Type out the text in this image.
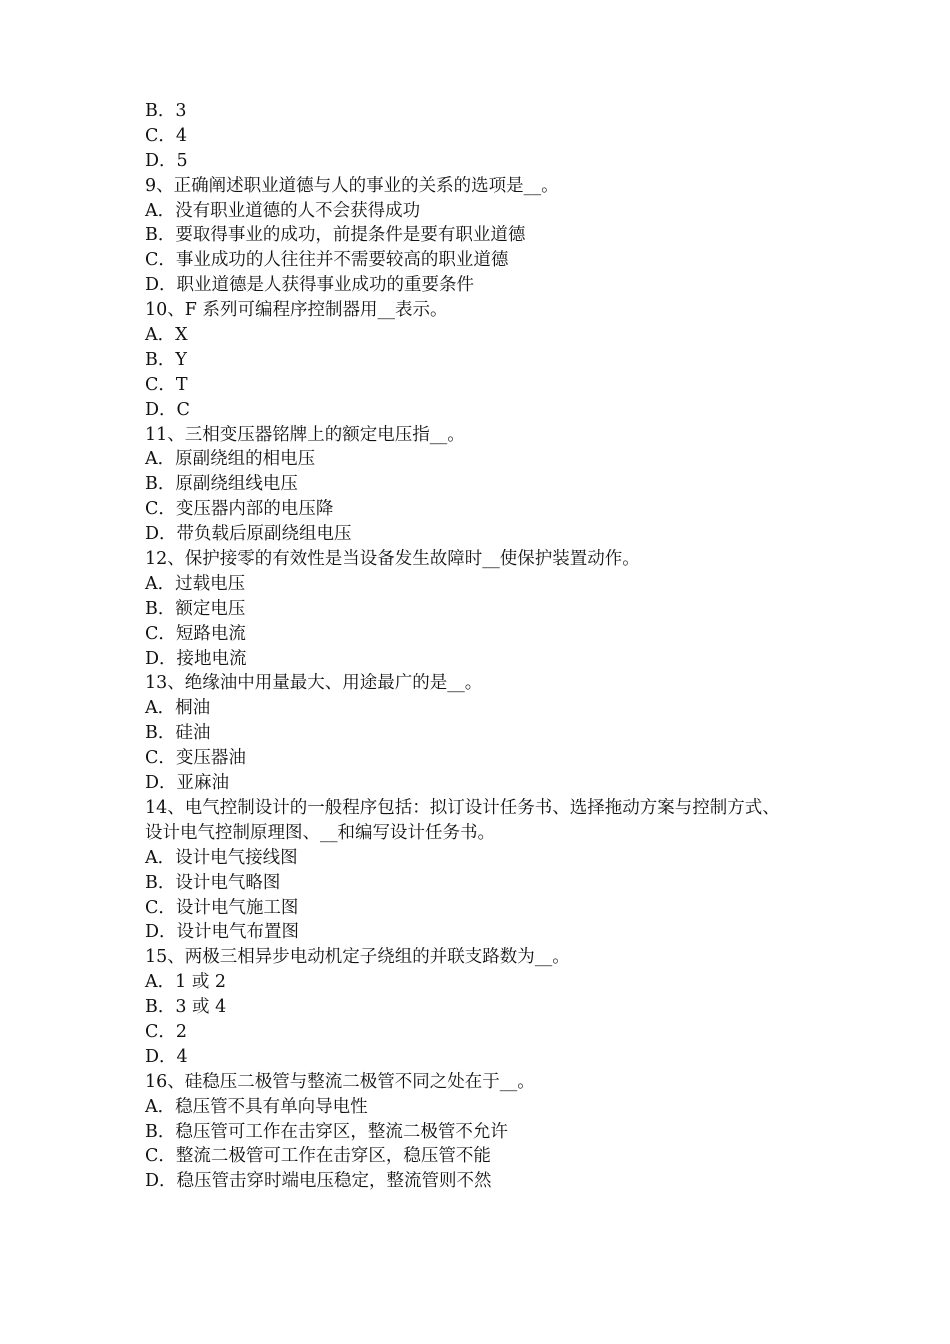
B．3
C．4
D．5
9、正确阐述职业道德与人的事业的关系的选项是__。
A．没有职业道德的人不会获得成功
B．要取得事业的成功，前提条件是要有职业道德
C．事业成功的人往往并不需要较高的职业道德
D．职业道德是人获得事业成功的重要条件
10、F 系列可编程序控制器用__表示。
A．X
B．Y
C．T
D．C
11、三相变压器铭牌上的额定电压指__。
A．原副绕组的相电压
B．原副绕组线电压
C．变压器内部的电压降
D．带负载后原副绕组电压
12、保护接零的有效性是当设备发生故障时__使保护装置动作。
A．过载电压
B．额定电压
C．短路电流
D．接地电流
13、绝缘油中用量最大、用途最广的是__。
A．桐油
B．硅油
C．变压器油
D．亚麻油
14、电气控制设计的一般程序包括：拟订设计任务书、选择拖动方案与控制方式、
设计电气控制原理图、__和编写设计任务书。
A．设计电气接线图
B．设计电气略图
C．设计电气施工图
D．设计电气布置图
15、两极三相异步电动机定子绕组的并联支路数为__。
A．1 或 2
B．3 或 4
C．2
D．4
16、硅稳压二极管与整流二极管不同之处在于__。
A．稳压管不具有单向导电性
B．稳压管可工作在击穿区，整流二极管不允许
C．整流二极管可工作在击穿区，稳压管不能
D．稳压管击穿时端电压稳定，整流管则不然
